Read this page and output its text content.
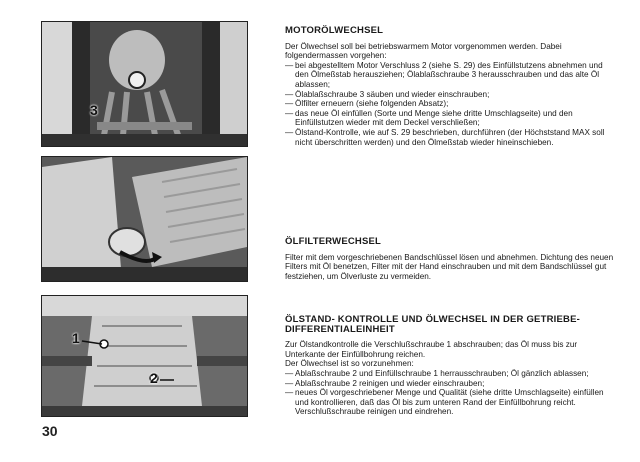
3
1
2
30
MOTORÖLWECHSEL

Der Ölwechsel soll bei betriebswarmem Motor vorgenommen werden. Dabei folgendermassen vorgehen:

— bei abgestelltem Motor Verschluss 2 (siehe S. 29) des Einfüllstutzens abnehmen und den Ölmeßstab herausziehen; Ölablaßschraube 3 herausschrauben und das alte Öl ablassen;
— Ölablaßschraube 3 säuben und wieder einschrauben;
— Ölfilter erneuern (siehe folgenden Absatz);
— das neue Öl einfüllen (Sorte und Menge siehe dritte Umschlagseite) und den Einfüllstutzen wieder mit dem Deckel verschließen;
— Ölstand-Kontrolle, wie auf S. 29 beschrieben, durchführen (der Höchststand MAX soll nicht überschritten werden) und den Ölmeßstab wieder hineinschieben.
ÖLFILTERWECHSEL

Filter mit dem vorgeschriebenen Bandschlüssel lösen und abnehmen. Dichtung des neuen Filters mit Öl benetzen, Filter mit der Hand einschrauben und mit dem Bandschlüssel gut festziehen, um Ölverluste zu vermeiden.

ÖLSTAND- KONTROLLE UND ÖLWECHSEL IN DER GETRIEBE-DIFFERENTIALEINHEIT

Zur Ölstandkontrolle die Verschlußschraube 1 abschrauben; das Öl muss bis zur Unterkante der Einfüllbohrung reichen.

Der Ölwechsel ist so vorzunehmen:

— Ablaßschraube 2 und Einfüllschraube 1 herrausschrauben; Öl gänzlich ablassen;
— Ablaßschraube 2 reinigen und wieder einschrauben;
— neues Öl vorgeschriebener Menge und Qualität (siehe dritte Umschlagseite) einfüllen und kontrollieren, daß das Öl bis zum unteren Rand der Einfüllbohrung reicht. Verschlußschraube reinigen und eindrehen.
